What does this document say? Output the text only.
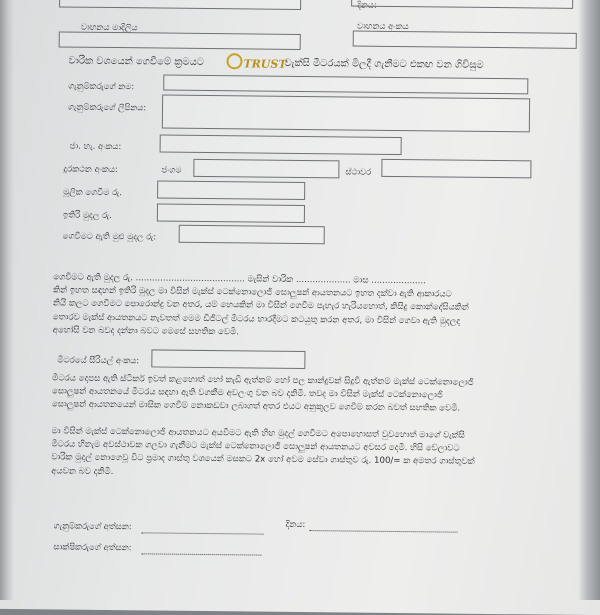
දිනය:
වාහනය මාදිලිය	වාහනය අංකය
වාරික වශයෙන් ගෙවීමේ ක්‍රමයට	TRUST
වැක්සි මීටරයක් මිලදී ගැනීමට එකඟ වන ගිවිසුම
ගැනුම්කරුගේ නම:
ගැනුම්කරුගේ ලිපිනය:
ජා. හැ. අංකය:
දුරකථන අංකය:	ජංගම	ස්ථාවර
මූලික ගෙවීම රු.
ඉතිරි මුදල රු.
ගෙවීමට ඇති මුළු මුදල රු:
ගෙවීමට ඇති මුදල රු. ........................................ මැසින් වාරික .................... මාස ....................
කින් ඉහත සඳහන් ඉතිරි මුදල මා විසින් මැක්ස් ටෙක්නොලොජි සොලුෂන් ආයතනයට ඉහත දක්වා ඇති ආකාරයට
නියි කලට ගෙවීමට පොරොන්දු වන අතර, යම් හෙයකින් මා විසින් ගෙවීම පැහැර හැරියහොත්, කිසිදු කොන්දේසියකින්
තොරව මැක්ස් ආයතනයට නැවතත් මෙම ඩිජිටල් මීටරය භාරදීමට කටයුතු කරන අතර, මා විසින් ගෙවා ඇති මුදලද
අහෝසි වන බවද දන්නා බවට මෙසේ සහතික වෙමි.
මීටරයේ සීරියල් අංකය:
මීටරය දෙපස ඇති ස්ටිකර් ඉවත් කළහොත් හෝ කැඩී ඇත්නම් හෝ පල කාන්දුවක් සිදුවී ඇත්නම් මැක්ස් ටෙක්නොලොජි
සොලුෂන් ආයතනයේ මීටරය සඳහා ඇති වගකීම අවලංගු වන බව දනිමි. තවද මා විසින් මැක්ස් ටෙක්නොලොජි
සොලුෂන් ආයතනයෙන් මාසික ගෙවීම් නොකඩවා ලබාගත් අතර එයට අනුකූලව ගෙවීම් කරන බවත් සහතික වෙමි.
මා විසින් මැක්ස් ටෙක්නොලොජි ආයතනයට අයවීමට ඇති හිඟ මුදල් ගෙවීමට අපොහොසත් වුවහොත් මාගේ වැක්සි
මීටරය හිනැම අවස්ථාවක ගලවා ගැනීමට මැක්ස් ටෙක්නොලොජි සොලුෂන් ආයතනයට අවසර දෙමි. හිසි වේලාවට
වාරික මුදල් නොගෙවූ විට ප්‍රමාද ගාස්තු වශයෙන් මසකට 2x හෝ අවම සේවා ගාස්තුව රු. 100/= ක අමතර ගාස්තුවක්
අයවන බව දනිමි.
ගැනුම්කරුගේ අත්සන:	දිනය:
සාක්ෂිකරුගේ අත්සන:
